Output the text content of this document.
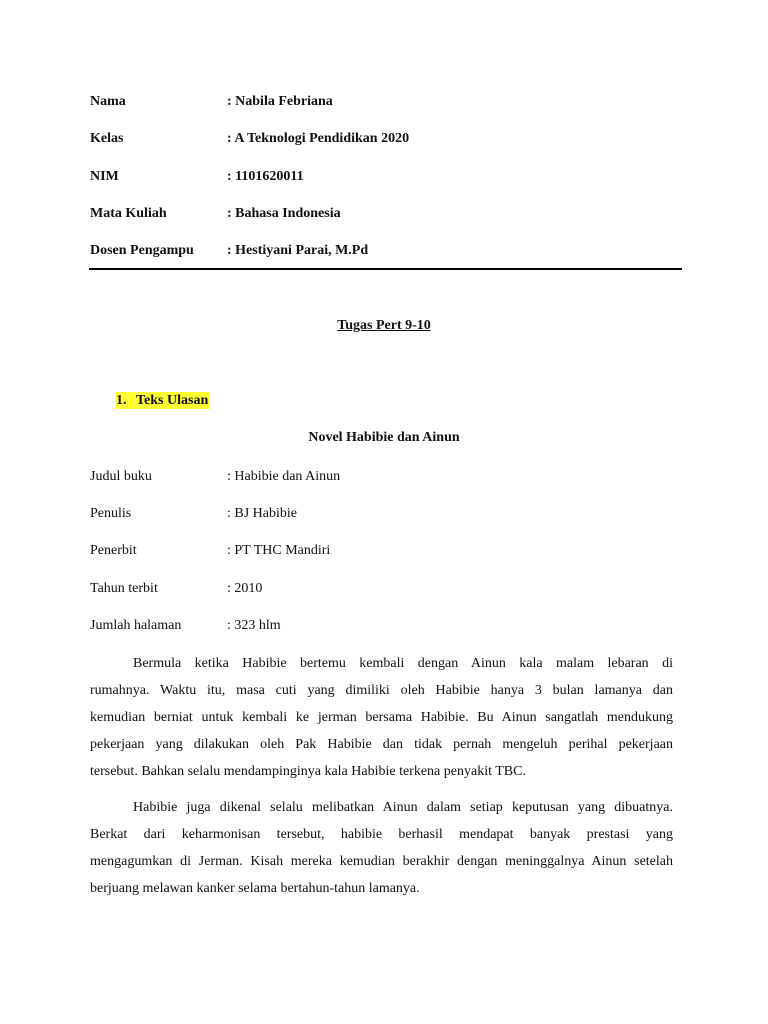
Nama	: Nabila Febriana
Kelas	: A Teknologi Pendidikan 2020
NIM	: 1101620011
Mata Kuliah	: Bahasa Indonesia
Dosen Pengampu	: Hestiyani Parai, M.Pd
Tugas Pert 9-10
1. Teks Ulasan
Novel Habibie dan Ainun
Judul buku	: Habibie dan Ainun
Penulis	: BJ Habibie
Penerbit	: PT THC Mandiri
Tahun terbit	: 2010
Jumlah halaman	: 323 hlm

Bermula ketika Habibie bertemu kembali dengan Ainun kala malam lebaran di
rumahnya. Waktu itu, masa cuti yang dimiliki oleh Habibie hanya 3 bulan lamanya dan
kemudian berniat untuk kembali ke jerman bersama Habibie. Bu Ainun sangatlah mendukung
pekerjaan yang dilakukan oleh Pak Habibie dan tidak pernah mengeluh perihal pekerjaan
tersebut. Bahkan selalu mendampinginya kala Habibie terkena penyakit TBC.

Habibie juga dikenal selalu melibatkan Ainun dalam setiap keputusan yang dibuatnya.
Berkat dari keharmonisan tersebut, habibie berhasil mendapat banyak prestasi yang
mengagumkan di Jerman. Kisah mereka kemudian berakhir dengan meninggalnya Ainun setelah
berjuang melawan kanker selama bertahun-tahun lamanya.
